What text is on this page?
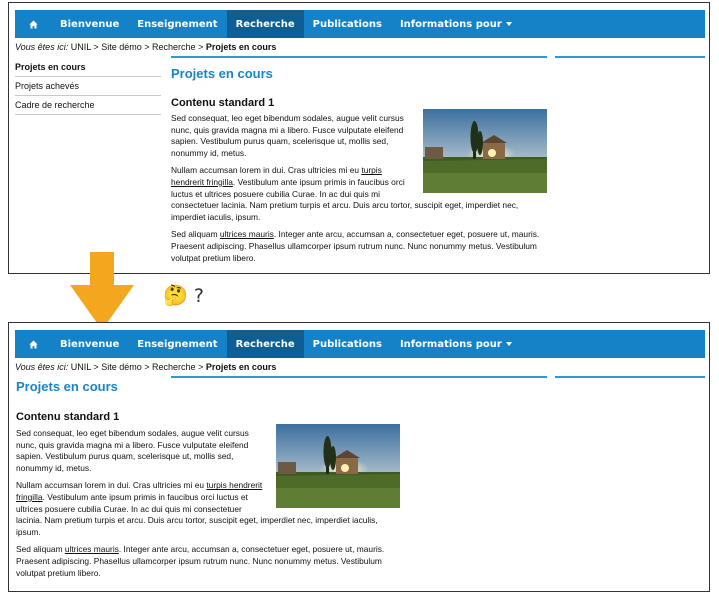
Bienvenue	Enseignement	Recherche	Publications	Informations pour
Vous êtes ici: UNIL > Site démo > Recherche > Projets en cours
Projets en cours
Projets achevés
Cadre de recherche
Projets en cours
Contenu standard 1

Sed consequat, leo eget bibendum sodales, augue velit cursus nunc, quis gravida magna mi a libero. Fusce vulputate eleifend sapien. Vestibulum purus quam, scelerisque ut, mollis sed, nonummy id, metus.

Nullam accumsan lorem in dui. Cras ultricies mi eu turpis hendrerit fringilla. Vestibulum ante ipsum primis in faucibus orci luctus et ultrices posuere cubilia Curae. In ac dui quis mi consectetuer lacinia. Nam pretium turpis et arcu. Duis arcu tortor, suscipit eget, imperdiet nec, imperdiet iaculis, ipsum.

Sed aliquam ultrices mauris. Integer ante arcu, accumsan a, consectetuer eget, posuere ut, mauris. Praesent adipiscing. Phasellus ullamcorper ipsum rutrum nunc. Nunc nonummy metus. Vestibulum volutpat pretium libero.

🤔 ?
Bienvenue	Enseignement	Recherche	Publications	Informations pour
Vous êtes ici: UNIL > Site démo > Recherche > Projets en cours
Projets en cours
Contenu standard 1

Sed consequat, leo eget bibendum sodales, augue velit cursus nunc, quis gravida magna mi a libero. Fusce vulputate eleifend sapien. Vestibulum purus quam, scelerisque ut, mollis sed, nonummy id, metus.

Nullam accumsan lorem in dui. Cras ultricies mi eu turpis hendrerit fringilla. Vestibulum ante ipsum primis in faucibus orci luctus et ultrices posuere cubilia Curae. In ac dui quis mi consectetuer lacinia. Nam pretium turpis et arcu. Duis arcu tortor, suscipit eget, imperdiet nec, imperdiet iaculis, ipsum.

Sed aliquam ultrices mauris. Integer ante arcu, accumsan a, consectetuer eget, posuere ut, mauris. Praesent adipiscing. Phasellus ullamcorper ipsum rutrum nunc. Nunc nonummy metus. Vestibulum volutpat pretium libero.
